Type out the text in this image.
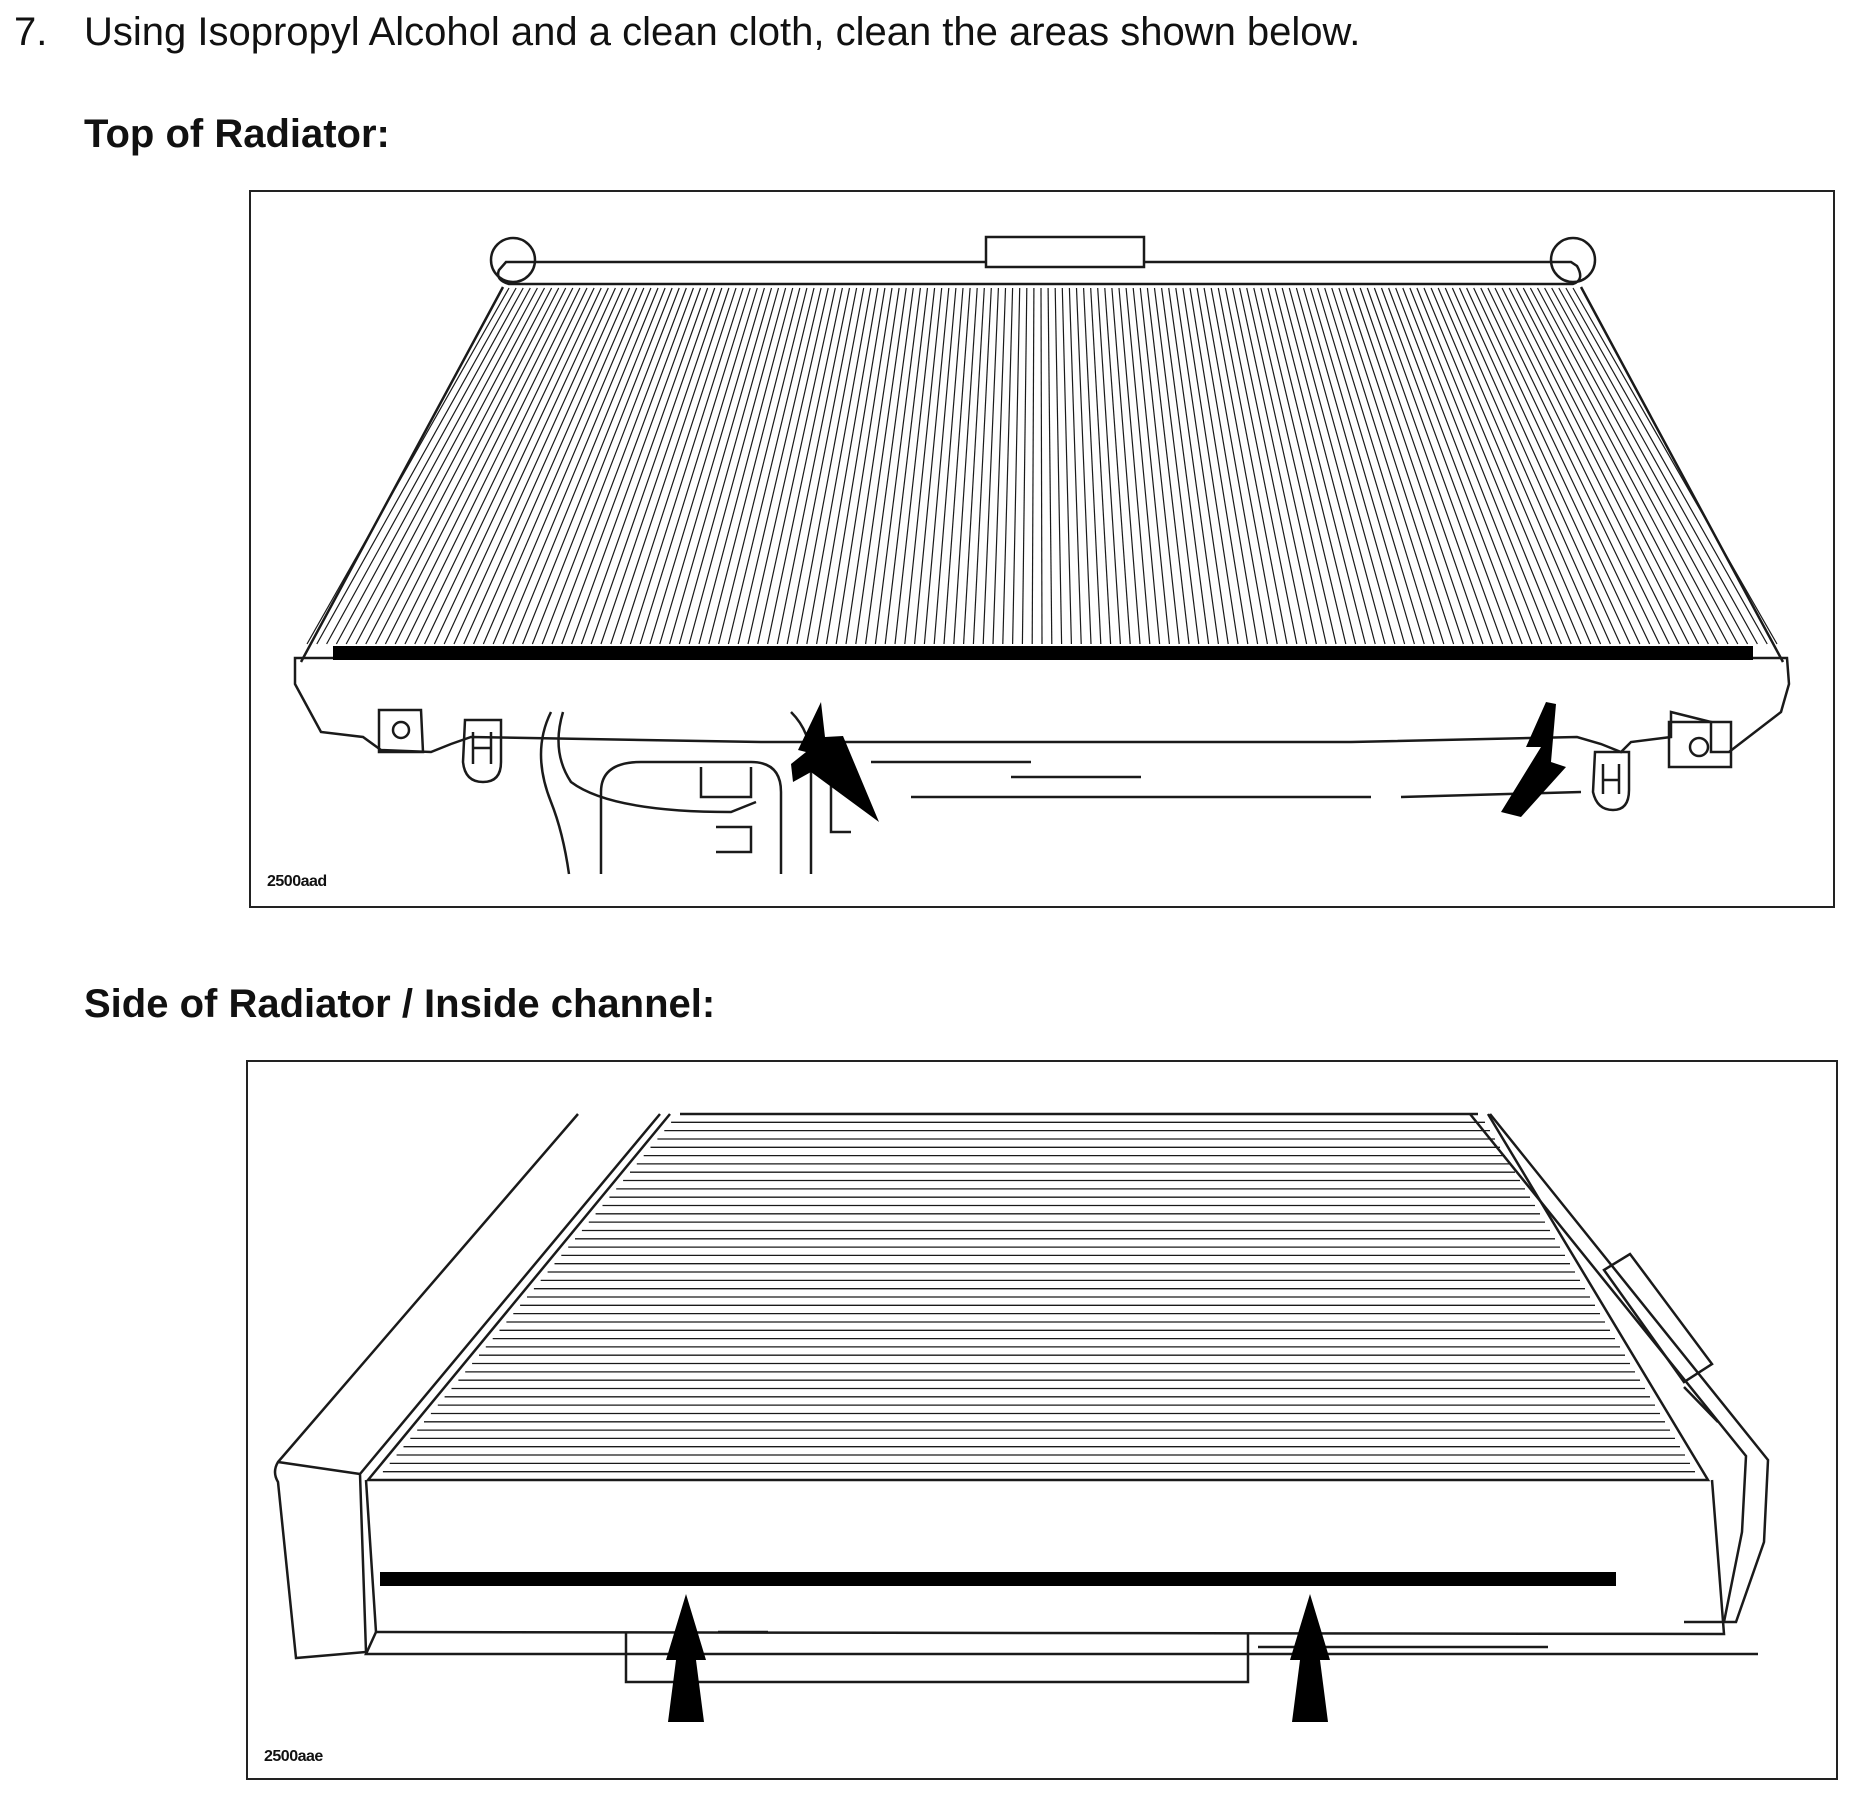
7. Using Isopropyl Alcohol and a clean cloth, clean the areas shown below.
Top of Radiator:
2500aad
Side of Radiator / Inside channel:
2500aae
